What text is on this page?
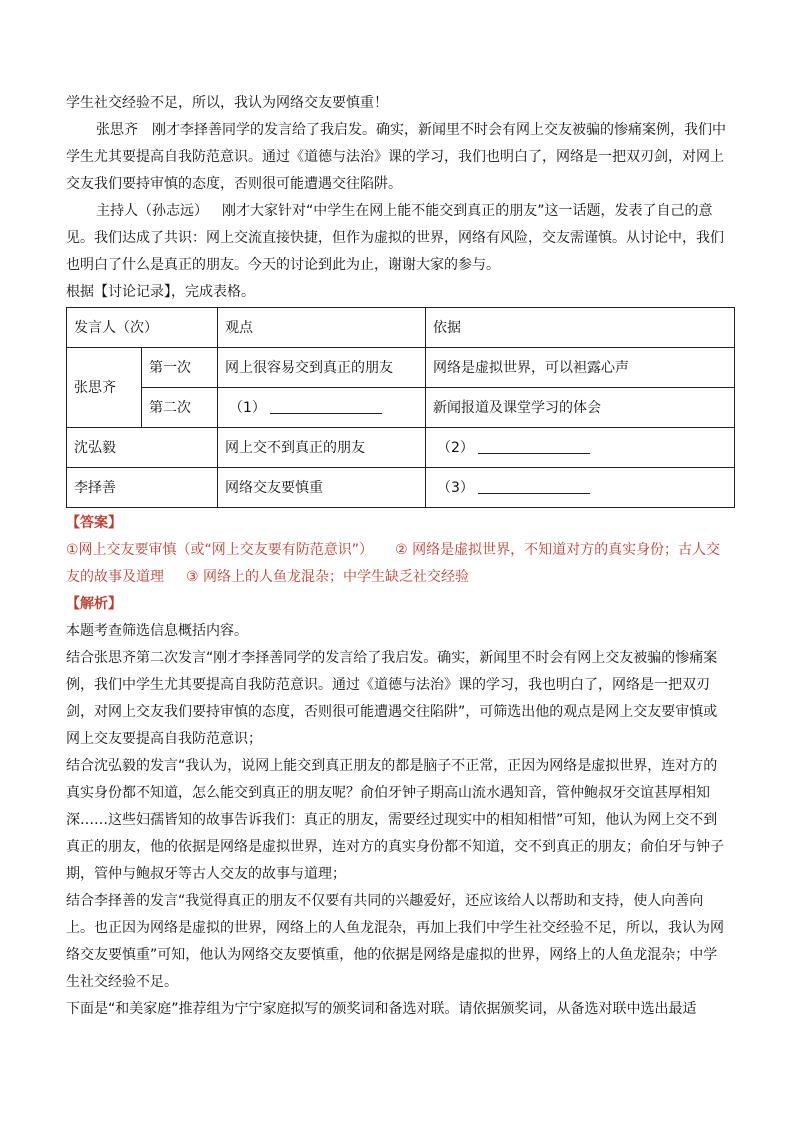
学生社交经验不足，所以，我认为网络交友要慎重！

张思齐 刚才李择善同学的发言给了我启发。确实，新闻里不时会有网上交友被骗的惨痛案例，我们中学生尤其要提高自我防范意识。通过《道德与法治》课的学习，我们也明白了，网络是一把双刃剑，对网上交友我们要持审慎的态度，否则很可能遭遇交往陷阱。

主持人（孙志远） 刚才大家针对“中学生在网上能不能交到真正的朋友”这一话题，发表了自己的意见。我们达成了共识：网上交流直接快捷，但作为虚拟的世界，网络有风险，交友需谨慎。从讨论中，我们也明白了什么是真正的朋友。今天的讨论到此为止，谢谢大家的参与。

根据【讨论记录】，完成表格。

发言人（次）		观点	依据
张思齐	第一次	网上很容易交到真正的朋友	网络是虚拟世界，可以袒露心声
	第二次	（1）	新闻报道及课堂学习的体会
沈弘毅		网上交不到真正的朋友	（2）
李择善		网络交友要慎重	（3）

【答案】

①网上交友要审慎（或“网上交友要有防范意识”） ② 网络是虚拟世界，不知道对方的真实身份；古人交友的故事及道理 ③ 网络上的人鱼龙混杂；中学生缺乏社交经验

【解析】

本题考查筛选信息概括内容。

结合张思齐第二次发言“刚才李择善同学的发言给了我启发。确实，新闻里不时会有网上交友被骗的惨痛案例，我们中学生尤其要提高自我防范意识。通过《道德与法治》课的学习，我也明白了，网络是一把双刃剑，对网上交友我们要持审慎的态度，否则很可能遭遇交往陷阱”，可筛选出他的观点是网上交友要审慎或网上交友要提高自我防范意识；

结合沈弘毅的发言“我认为，说网上能交到真正朋友的都是脑子不正常，正因为网络是虚拟世界，连对方的真实身份都不知道，怎么能交到真正的朋友呢？俞伯牙钟子期高山流水遇知音，管仲鲍叔牙交谊甚厚相知深……这些妇孺皆知的故事告诉我们：真正的朋友，需要经过现实中的相知相惜”可知，他认为网上交不到真正的朋友，他的依据是网络是虚拟世界，连对方的真实身份都不知道，交不到真正的朋友；俞伯牙与钟子期，管仲与鲍叔牙等古人交友的故事与道理；

结合李择善的发言“我觉得真正的朋友不仅要有共同的兴趣爱好，还应该给人以帮助和支持，使人向善向上。也正因为网络是虚拟的世界，网络上的人鱼龙混杂，再加上我们中学生社交经验不足，所以，我认为网络交友要慎重”可知，他认为网络交友要慎重，他的依据是网络是虚拟的世界，网络上的人鱼龙混杂；中学生社交经验不足。

下面是“和美家庭”推荐组为宁宁家庭拟写的颁奖词和备选对联。请依据颁奖词，从备选对联中选出最适
